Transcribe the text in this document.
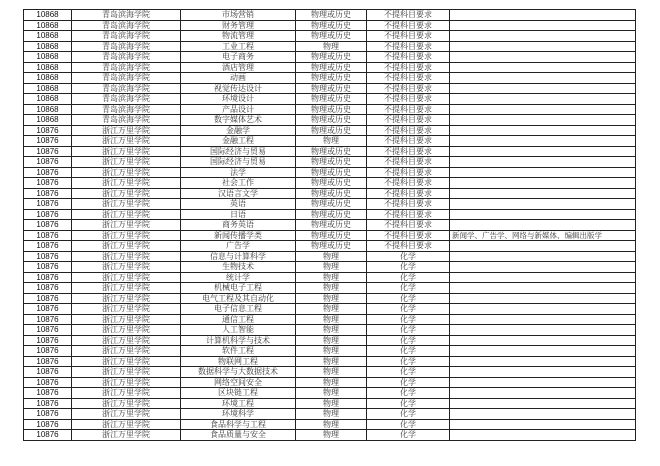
10868	青岛滨海学院	市场营销	物理或历史	不提科目要求	
10868	青岛滨海学院	财务管理	物理或历史	不提科目要求	
10868	青岛滨海学院	物流管理	物理或历史	不提科目要求	
10868	青岛滨海学院	工业工程	物理	不提科目要求	
10868	青岛滨海学院	电子商务	物理或历史	不提科目要求	
10868	青岛滨海学院	酒店管理	物理或历史	不提科目要求	
10868	青岛滨海学院	动画	物理或历史	不提科目要求	
10868	青岛滨海学院	视觉传达设计	物理或历史	不提科目要求	
10868	青岛滨海学院	环境设计	物理或历史	不提科目要求	
10868	青岛滨海学院	产品设计	物理或历史	不提科目要求	
10868	青岛滨海学院	数字媒体艺术	物理或历史	不提科目要求	
10876	浙江万里学院	金融学	物理或历史	不提科目要求	
10876	浙江万里学院	金融工程	物理	不提科目要求	
10876	浙江万里学院	国际经济与贸易	物理或历史	不提科目要求	
10876	浙江万里学院	国际经济与贸易	物理或历史	不提科目要求	
10876	浙江万里学院	法学	物理或历史	不提科目要求	
10876	浙江万里学院	社会工作	物理或历史	不提科目要求	
10876	浙江万里学院	汉语言文学	物理或历史	不提科目要求	
10876	浙江万里学院	英语	物理或历史	不提科目要求	
10876	浙江万里学院	日语	物理或历史	不提科目要求	
10876	浙江万里学院	商务英语	物理或历史	不提科目要求	
10876	浙江万里学院	新闻传播学类	物理或历史	不提科目要求	新闻学、广告学、网络与新媒体、编辑出版学
10876	浙江万里学院	广告学	物理或历史	不提科目要求	
10876	浙江万里学院	信息与计算科学	物理	化学	
10876	浙江万里学院	生物技术	物理	化学	
10876	浙江万里学院	统计学	物理	化学	
10876	浙江万里学院	机械电子工程	物理	化学	
10876	浙江万里学院	电气工程及其自动化	物理	化学	
10876	浙江万里学院	电子信息工程	物理	化学	
10876	浙江万里学院	通信工程	物理	化学	
10876	浙江万里学院	人工智能	物理	化学	
10876	浙江万里学院	计算机科学与技术	物理	化学	
10876	浙江万里学院	软件工程	物理	化学	
10876	浙江万里学院	物联网工程	物理	化学	
10876	浙江万里学院	数据科学与大数据技术	物理	化学	
10876	浙江万里学院	网络空间安全	物理	化学	
10876	浙江万里学院	区块链工程	物理	化学	
10876	浙江万里学院	环境工程	物理	化学	
10876	浙江万里学院	环境科学	物理	化学	
10876	浙江万里学院	食品科学与工程	物理	化学	
10876	浙江万里学院	食品质量与安全	物理	化学	
